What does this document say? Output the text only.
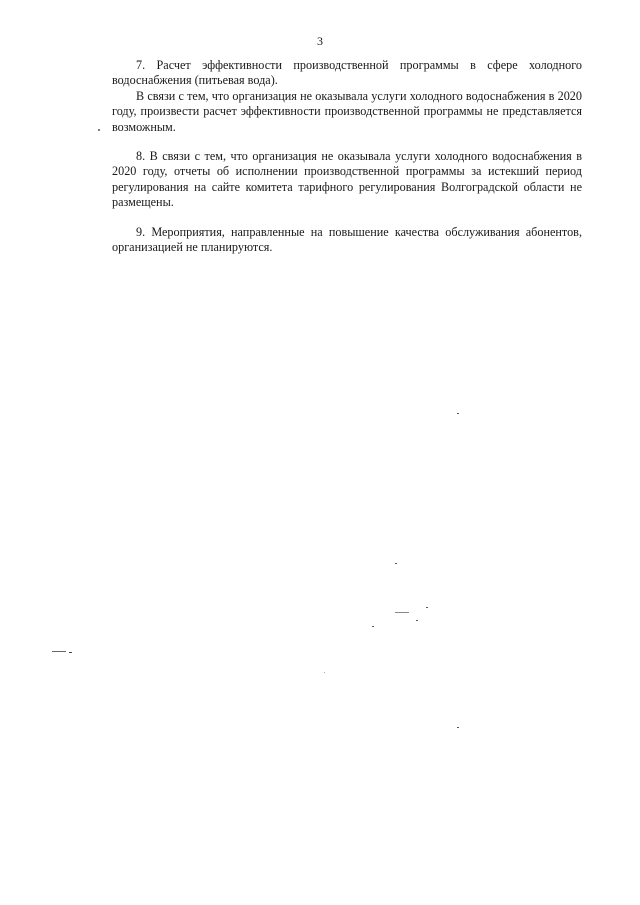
3

7. Расчет эффективности производственной программы в сфере холодного водоснабжения (питьевая вода).

В связи с тем, что организация не оказывала услуги холодного водоснабжения в 2020 году, произвести расчет эффективности производственной программы не представляется возможным.

8. В связи с тем, что организация не оказывала услуги холодного водоснабжения в 2020 году, отчеты об исполнении производственной программы за истекший период регулирования на сайте комитета тарифного регулирования Волгоградской области не размещены.

9. Мероприятия, направленные на повышение качества обслуживания абонентов, организацией не планируются.
